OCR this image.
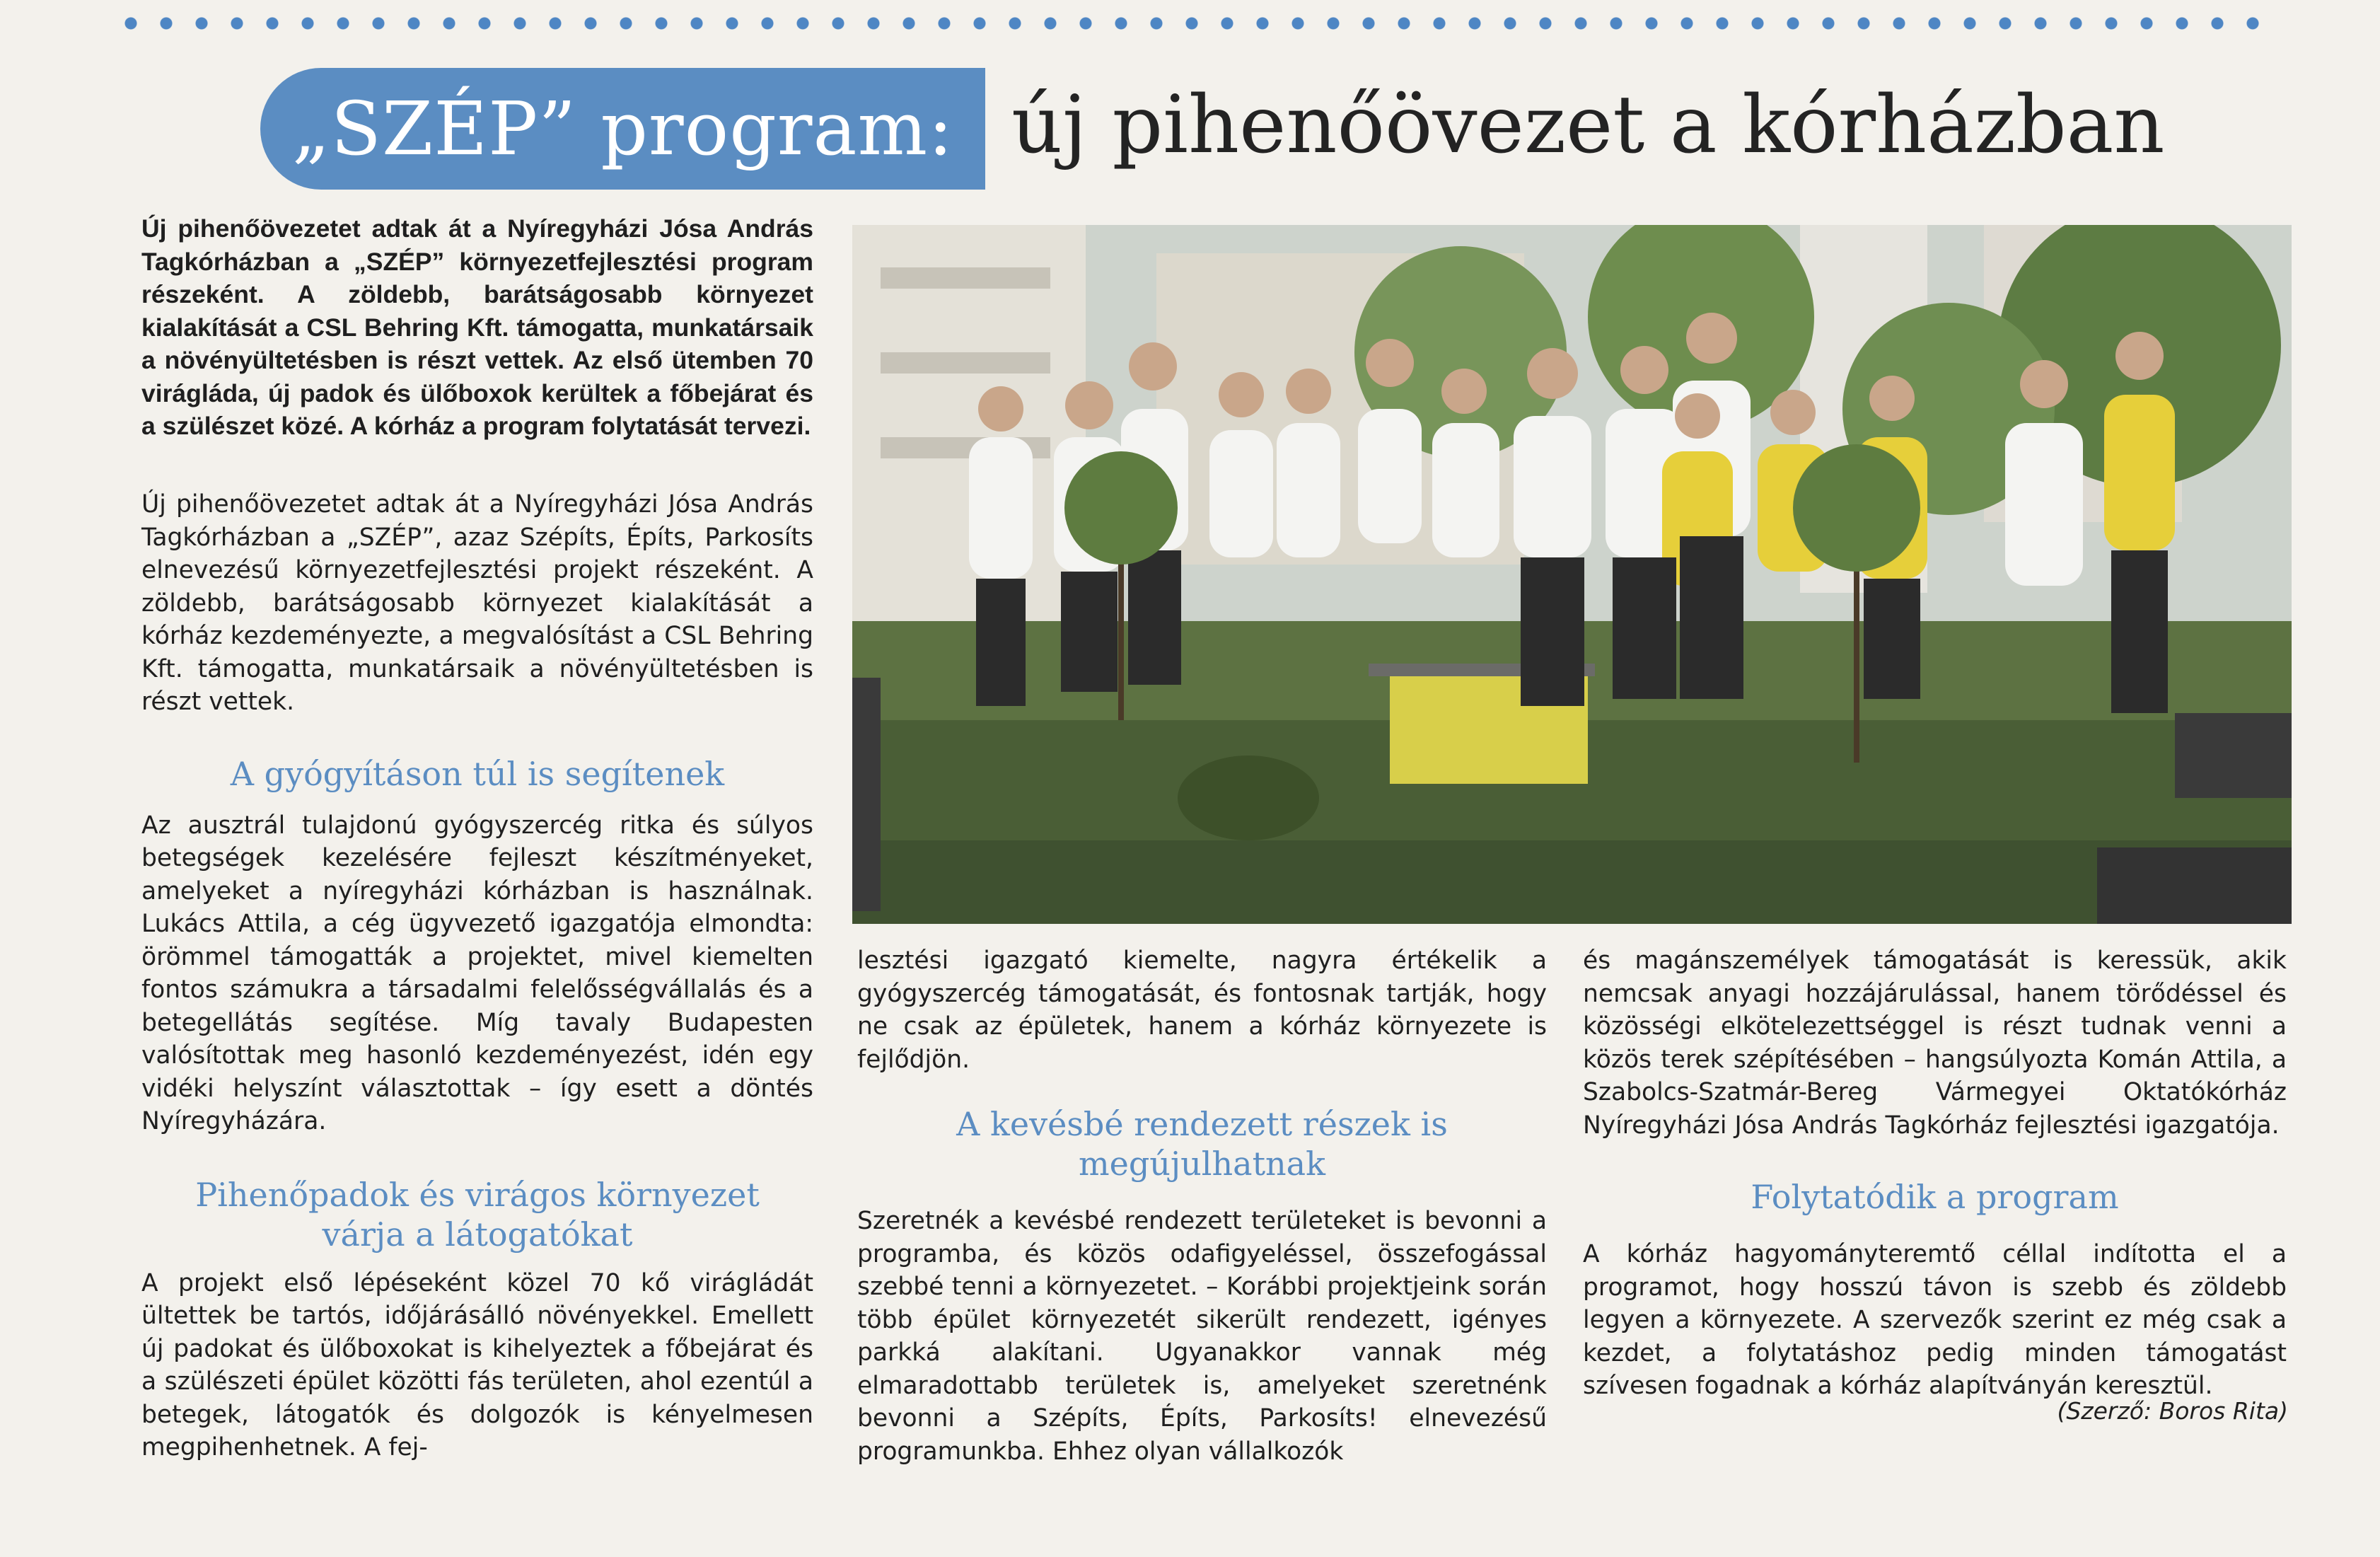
„SZÉP” program: új pihenőövezet a kórházban

Új pihenőövezetet adtak át a Nyíregyházi Jósa András Tagkórházban a „SZÉP” környezetfejlesztési program részeként. A zöldebb, barátságosabb környezet kialakítását a CSL Behring Kft. támogatta, munkatársaik a növényültetésben is részt vettek. Az első ütemben 70 virágláda, új padok és ülőboxok kerültek a főbejárat és a szülészet közé. A kórház a program folytatását tervezi.

Új pihenőövezetet adtak át a Nyíregyházi Jósa András Tagkórházban a „SZÉP”, azaz Szépíts, Építs, Parkosíts elnevezésű környezetfejlesztési projekt részeként. A zöldebb, barátságosabb környezet kialakítását a kórház kezdeményezte, a megvalósítást a CSL Behring Kft. támogatta, munkatársaik a növényültetésben is részt vettek.

A gyógyításon túl is segítenek

Az ausztrál tulajdonú gyógyszercég ritka és súlyos betegségek kezelésére fejleszt készítményeket, amelyeket a nyíregyházi kórházban is használnak. Lukács Attila, a cég ügyvezető igazgatója elmondta: örömmel támogatták a projektet, mivel kiemelten fontos számukra a társadalmi felelősségvállalás és a betegellátás segítése. Míg tavaly Budapesten valósítottak meg hasonló kezdeményezést, idén egy vidéki helyszínt választottak – így esett a döntés Nyíregyházára.

Pihenőpadok és virágos környezet várja a látogatókat

A projekt első lépéseként közel 70 kő virágládát ültettek be tartós, időjárásálló növényekkel. Emellett új padokat és ülőboxokat is kihelyeztek a főbejárat és a szülészeti épület közötti fás területen, ahol ezentúl a betegek, látogatók és dolgozók is kényelmesen megpihenhetnek. A fej-

lesztési igazgató kiemelte, nagyra értékelik a gyógyszercég támogatását, és fontosnak tartják, hogy ne csak az épületek, hanem a kórház környezete is fejlődjön.

A kevésbé rendezett részek is megújulhatnak

Szeretnék a kevésbé rendezett területeket is bevonni a programba, és közös odafigyeléssel, összefogással szebbé tenni a környezetet. – Korábbi projektjeink során több épület környezetét sikerült rendezett, igényes parkká alakítani. Ugyanakkor vannak még elmaradottabb területek is, amelyeket szeretnénk bevonni a Szépíts, Építs, Parkosíts! elnevezésű programunkba. Ehhez olyan vállalkozók

és magánszemélyek támogatását is keressük, akik nemcsak anyagi hozzájárulással, hanem törődéssel és közösségi elkötelezettséggel is részt tudnak venni a közös terek szépítésében – hangsúlyozta Komán Attila, a Szabolcs-Szatmár-Bereg Vármegyei Oktatókórház Nyíregyházi Jósa András Tagkórház fejlesztési igazgatója.

Folytatódik a program

A kórház hagyományteremtő céllal indította el a programot, hogy hosszú távon is szebb és zöldebb legyen a környezete. A szervezők szerint ez még csak a kezdet, a folytatáshoz pedig minden támogatást szívesen fogadnak a kórház alapítványán keresztül.

(Szerző: Boros Rita)
